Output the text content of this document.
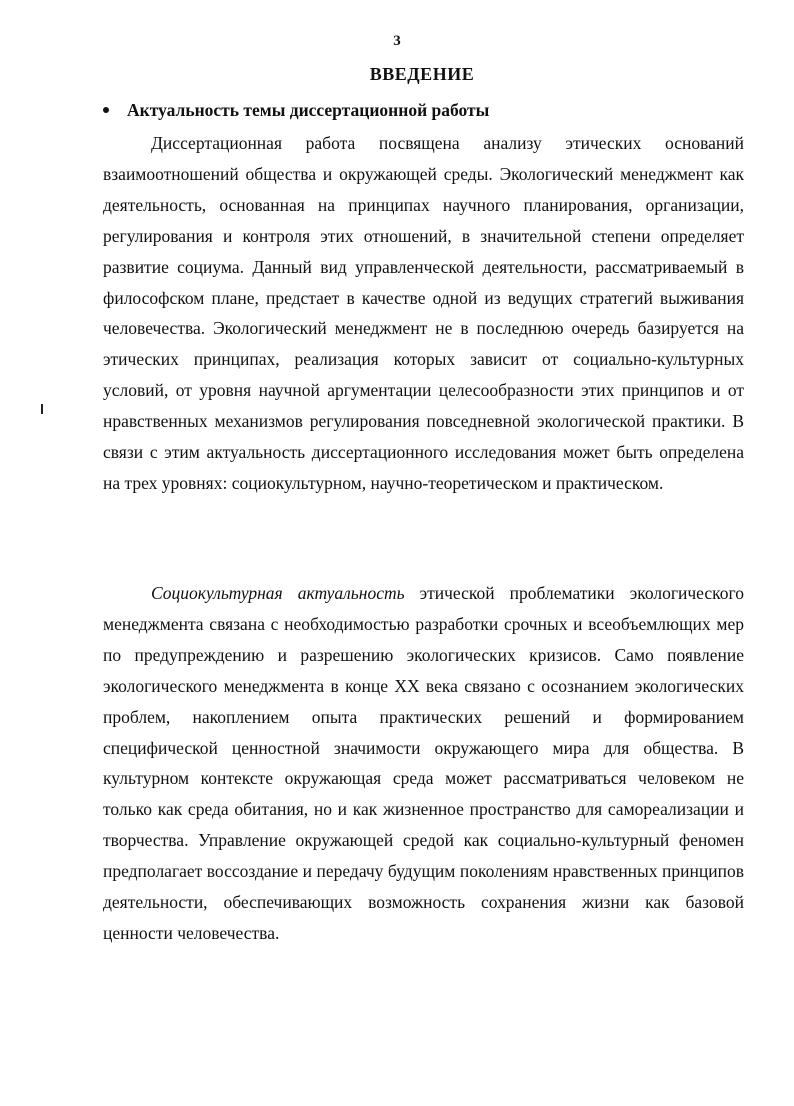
3
ВВЕДЕНИЕ
Актуальность темы диссертационной работы

Диссертационная работа посвящена анализу этических оснований взаимоотношений общества и окружающей среды. Экологический менеджмент как деятельность, основанная на принципах научного планирования, организации, регулирования и контроля этих отношений, в значительной степени определяет развитие социума. Данный вид управленческой деятельности, рассматриваемый в философском плане, предстает в качестве одной из ведущих стратегий выживания человечества. Экологический менеджмент не в последнюю очередь базируется на этических принципах, реализация которых зависит от социально-культурных условий, от уровня научной аргументации целесообразности этих принципов и от нравственных механизмов регулирования повседневной экологической практики. В связи с этим актуальность диссертационного исследования может быть определена на трех уровнях: социокультурном, научно-теоретическом и практическом.

Социокультурная актуальность этической проблематики экологического менеджмента связана с необходимостью разработки срочных и всеобъемлющих мер по предупреждению и разрешению экологических кризисов. Само появление экологического менеджмента в конце XX века связано с осознанием экологических проблем, накоплением опыта практических решений и формированием специфической ценностной значимости окружающего мира для общества. В культурном контексте окружающая среда может рассматриваться человеком не только как среда обитания, но и как жизненное пространство для самореализации и творчества. Управление окружающей средой как социально-культурный феномен предполагает воссоздание и передачу будущим поколениям нравственных принципов деятельности, обеспечивающих возможность сохранения жизни как базовой ценности человечества.
